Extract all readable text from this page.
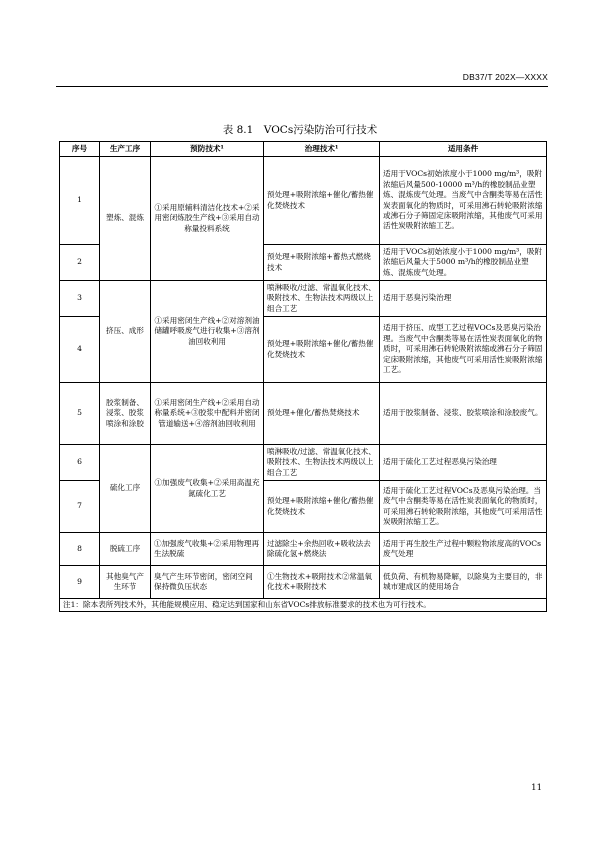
DB37/T 202X—XXXX
表 8.1　VOCs污染防治可行技术
序号	生产工序	预防技术¹	治理技术¹	适用条件
1	塑炼、混炼	①采用原辅料清洁化技术+②采用密闭炼胶生产线+③采用自动称量投料系统	预处理+吸附浓缩+催化/蓄热催化焚烧技术	适用于VOCs初始浓度小于1000 mg/m³，吸附浓缩后风量500-10000 m³/h的橡胶制品业塑炼、混炼废气处理。当废气中含酮类等易在活性炭表面氧化的物质时，可采用沸石转轮吸附浓缩或沸石分子筛固定床吸附浓缩，其他废气可采用活性炭吸附浓缩工艺。
2			预处理+吸附浓缩+蓄热式燃烧技术	适用于VOCs初始浓度小于1000 mg/m³，吸附浓缩后风量大于5000 m³/h的橡胶制品业塑炼、混炼废气处理。
3	挤压、成形	①采用密闭生产线+②对溶剂油储罐呼吸废气进行收集+③溶剂油回收利用	喷淋吸收/过滤、常温氧化技术、吸附技术、生物法技术两级以上组合工艺	适用于恶臭污染治理
4			预处理+吸附浓缩+催化/蓄热催化焚烧技术	适用于挤压、成型工艺过程VOCs及恶臭污染治理。当废气中含酮类等易在活性炭表面氧化的物质时，可采用沸石转轮吸附浓缩或沸石分子筛固定床吸附浓缩，其他废气可采用活性炭吸附浓缩工艺。
5	胶浆制备、浸浆、胶浆喷涂和涂胶	①采用密闭生产线+②采用自动称量系统+③胶浆中配料并密闭管道输送+④溶剂油回收利用	预处理+催化/蓄热焚烧技术	适用于胶浆制备、浸浆、胶浆喷涂和涂胶废气。
6	硫化工序	①加强废气收集+②采用高温充氮硫化工艺	喷淋吸收/过滤、常温氧化技术、吸附技术、生物法技术两级以上组合工艺	适用于硫化工艺过程恶臭污染治理
7			预处理+吸附浓缩+催化/蓄热催化焚烧技术	适用于硫化工艺过程VOCs及恶臭污染治理。当废气中含酮类等易在活性炭表面氧化的物质时，可采用沸石转轮吸附浓缩，其他废气可采用活性炭吸附浓缩工艺。
8	脱硫工序	①加强废气收集+②采用物理再生法脱硫	过滤除尘+余热回收+吸收法去除硫化氢+燃烧法	适用于再生胶生产过程中颗粒物浓度高的VOCs废气处理
9	其他臭气产生环节	臭气产生环节密闭，密闭空间保持微负压状态	①生物技术+吸附技术②常温氧化技术+吸附技术	低负荷、有机物易降解，以除臭为主要目的，非城市建成区的使用场合
注1：除本表所列技术外，其他能规模应用、稳定达到国家和山东省VOCs排放标准要求的技术也为可行技术。				
11
